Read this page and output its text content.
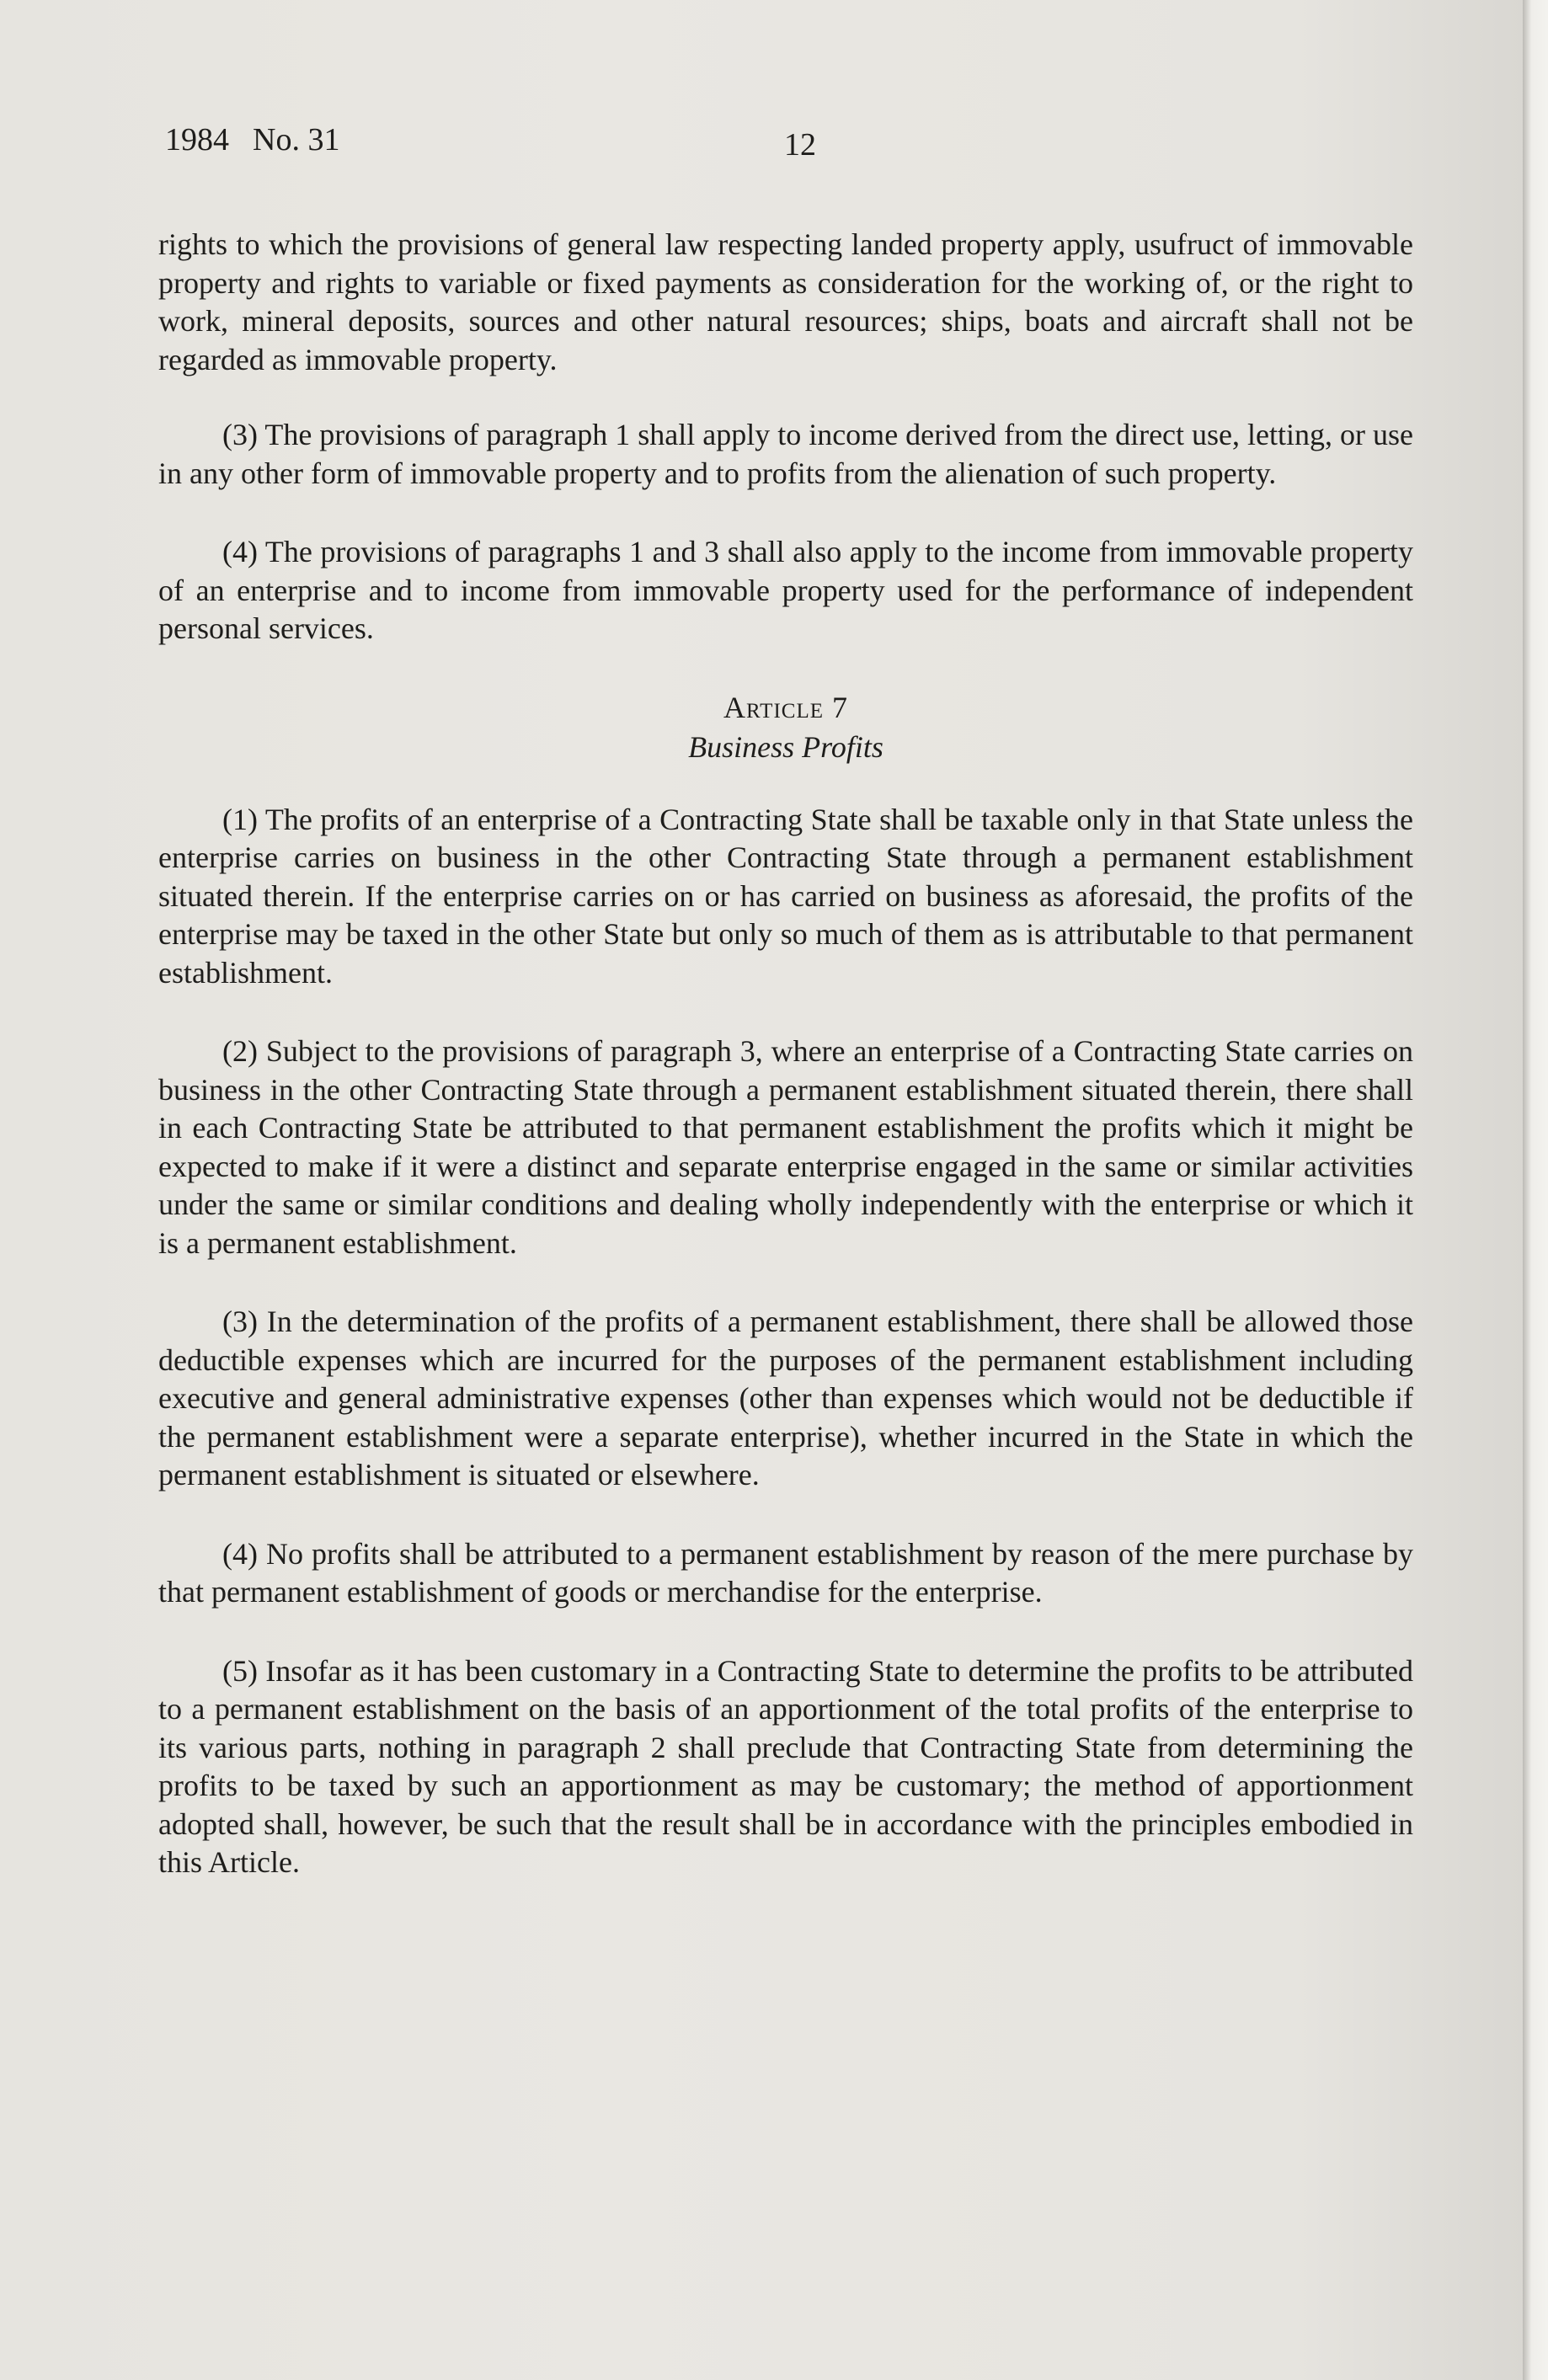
1984 No. 31	12

rights to which the provisions of general law respecting landed property apply, usufruct of immovable property and rights to variable or fixed payments as consideration for the working of, or the right to work, mineral deposits, sources and other natural resources; ships, boats and aircraft shall not be regarded as immovable property.

(3) The provisions of paragraph 1 shall apply to income derived from the direct use, letting, or use in any other form of immovable property and to profits from the alienation of such property.

(4) The provisions of paragraphs 1 and 3 shall also apply to the income from immovable property of an enterprise and to income from immovable property used for the performance of independent personal services.

Article 7
Business Profits

(1) The profits of an enterprise of a Contracting State shall be taxable only in that State unless the enterprise carries on business in the other Contracting State through a permanent establishment situated therein. If the enterprise carries on or has carried on business as aforesaid, the profits of the enterprise may be taxed in the other State but only so much of them as is attributable to that permanent establishment.

(2) Subject to the provisions of paragraph 3, where an enterprise of a Contracting State carries on business in the other Contracting State through a permanent establishment situated therein, there shall in each Contracting State be attributed to that permanent establishment the profits which it might be expected to make if it were a distinct and separate enterprise engaged in the same or similar activities under the same or similar conditions and dealing wholly independently with the enterprise or which it is a permanent establishment.

(3) In the determination of the profits of a permanent establishment, there shall be allowed those deductible expenses which are incurred for the purposes of the permanent establishment including executive and general administrative expenses (other than expenses which would not be deductible if the permanent establishment were a separate enterprise), whether incurred in the State in which the permanent establishment is situated or elsewhere.

(4) No profits shall be attributed to a permanent establishment by reason of the mere purchase by that permanent establishment of goods or merchandise for the enterprise.

(5) Insofar as it has been customary in a Contracting State to determine the profits to be attributed to a permanent establishment on the basis of an apportionment of the total profits of the enterprise to its various parts, nothing in paragraph 2 shall preclude that Contracting State from determining the profits to be taxed by such an apportionment as may be customary; the method of apportionment adopted shall, however, be such that the result shall be in accordance with the principles embodied in this Article.
